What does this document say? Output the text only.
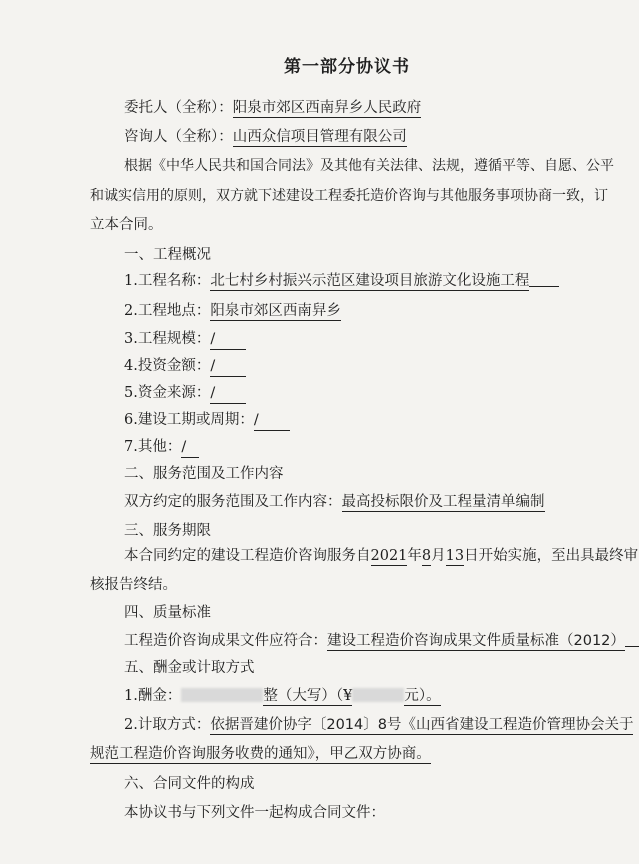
第一部分协议书
委托人（全称）：阳泉市郊区西南舁乡人民政府
咨询人（全称）：山西众信项目管理有限公司
根据《中华人民共和国合同法》及其他有关法律、法规，遵循平等、自愿、公平
和诚实信用的原则，双方就下述建设工程委托造价咨询与其他服务事项协商一致，订
立本合同。
一、工程概况
1.工程名称：北七村乡村振兴示范区建设项目旅游文化设施工程
2.工程地点：阳泉市郊区西南舁乡
3.工程规模：/
4.投资金额：/
5.资金来源：/
6.建设工期或周期：/
7.其他：/
二、服务范围及工作内容
双方约定的服务范围及工作内容：最高投标限价及工程量清单编制
三、服务期限
本合同约定的建设工程造价咨询服务自2021年8月13日开始实施，至出具最终审
核报告终结。
四、质量标准
工程造价咨询成果文件应符合：建设工程造价咨询成果文件质量标准（2012）
五、酬金或计取方式
1.酬金：	整（大写）（¥	元）。
2.计取方式：依据晋建价协字〔2014〕8号《山西省建设工程造价管理协会关于
规范工程造价咨询服务收费的通知》，甲乙双方协商。
六、合同文件的构成
本协议书与下列文件一起构成合同文件：
